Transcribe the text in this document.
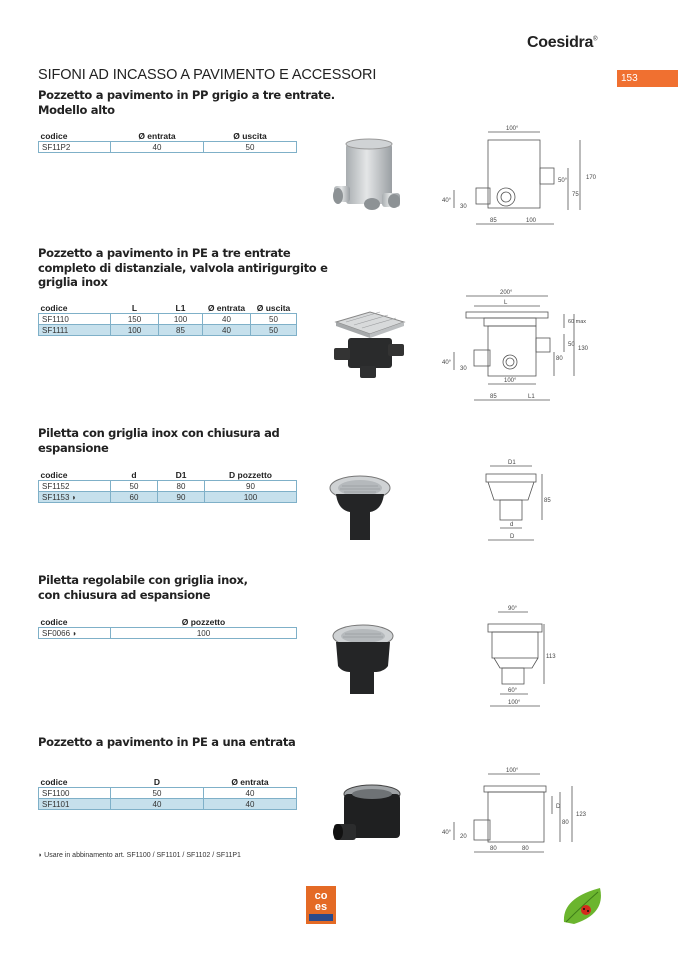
Coesidra®
153
SIFONI AD INCASSO A PAVIMENTO E ACCESSORI
Pozzetto a pavimento in PP grigio a tre entrate.
Modello alto
codice	Ø entrata	Ø uscita
SF11P2	40	50
100°
170
75
50°
40°
30
85	100
Pozzetto a pavimento in PE a tre entrate
completo di distanziale, valvola antirigurgito e
griglia inox
codice	L	L1	Ø entrata	Ø uscita
SF1110	150	100	40	50
SF1111	100	85	40	50
200°
L
60 max
50
130
80
40°
30
100°
85	L1
Piletta con griglia inox con chiusura ad
espansione
codice	d	D1	D pozzetto
SF1152	50	80	90
SF1153 ◗	60	90	100
D1
85
d
D
Piletta regolabile con griglia inox,
con chiusura ad espansione
codice	Ø pozzetto
SF0066 ◗	100
90°
113
60°
100°
Pozzetto a pavimento in PE a una entrata
codice	D	Ø entrata
SF1100	50	40
SF1101	40	40
100°
D
80
123
40°
20
80	80
◗ Usare in abbinamento art. SF1100 / SF1101 / SF1102 / SF11P1
co
es
